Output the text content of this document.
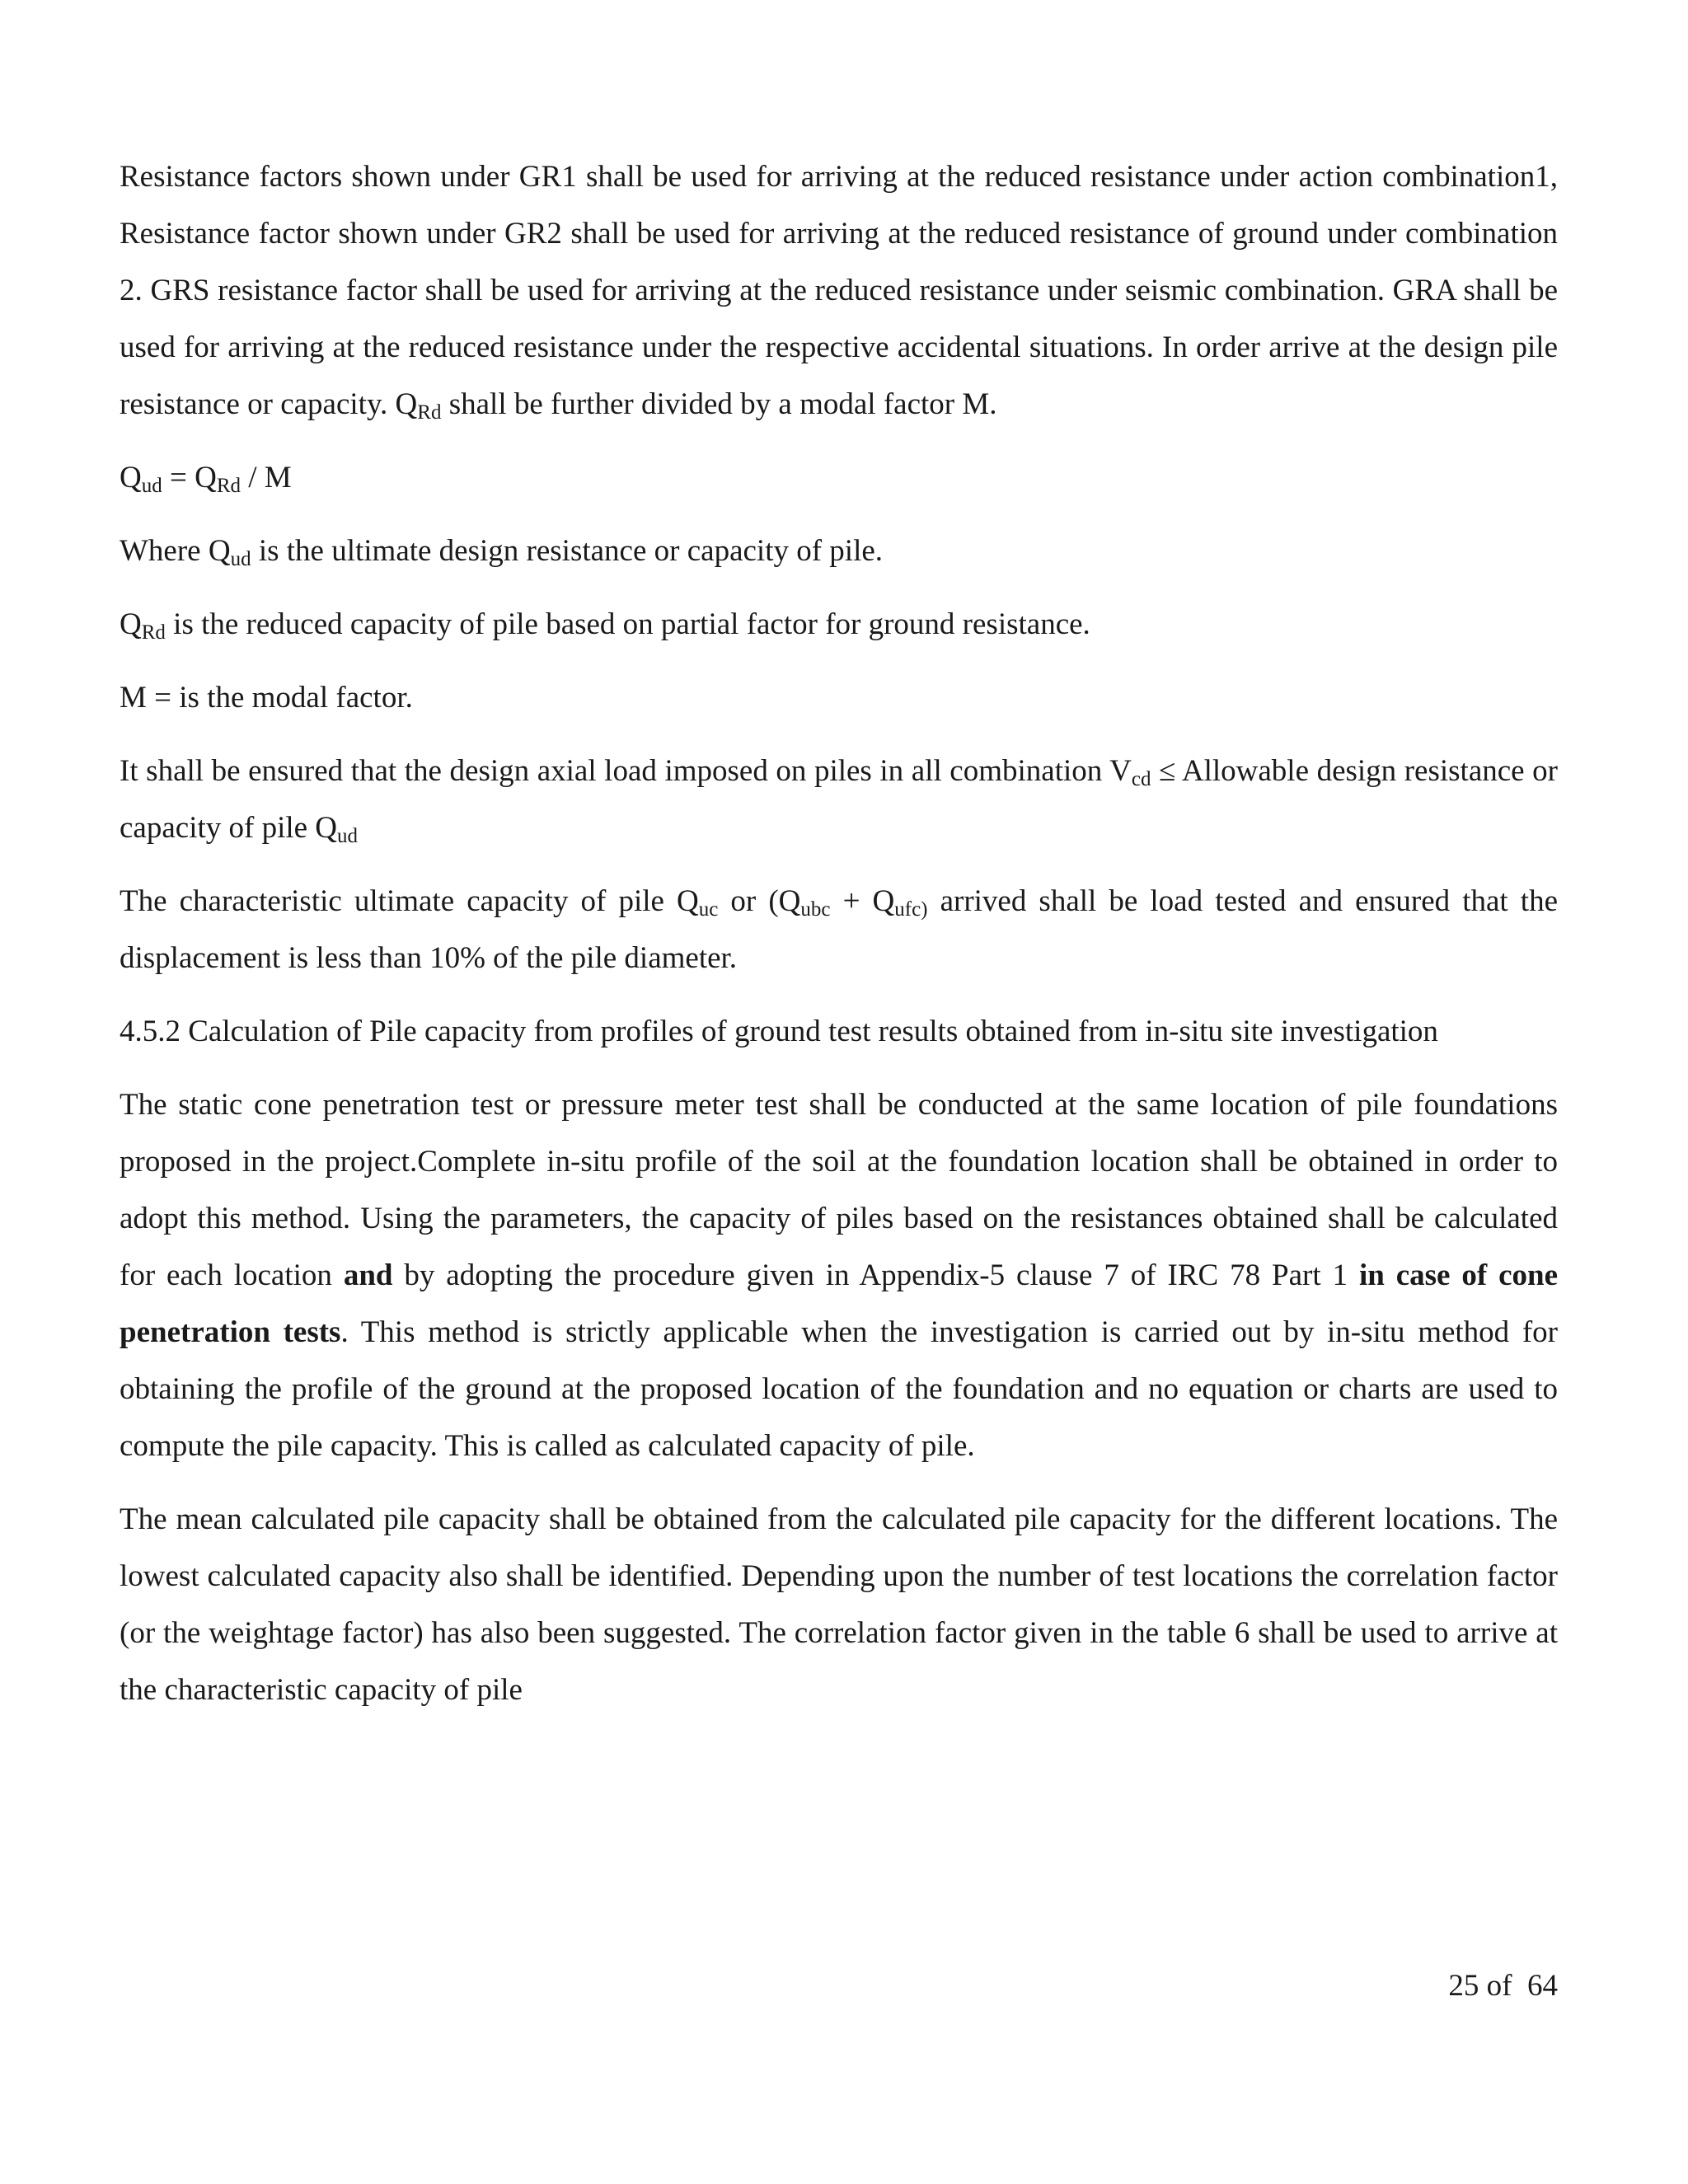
Resistance factors shown under GR1 shall be used for arriving at the reduced resistance under action combination1, Resistance factor shown under GR2 shall be used for arriving at the reduced resistance of ground under combination 2. GRS resistance factor shall be used for arriving at the reduced resistance under seismic combination. GRA shall be used for arriving at the reduced resistance under the respective accidental situations. In order arrive at the design pile resistance or capacity. $Q_{Rd}$ shall be further divided by a modal factor M.

$Q_{ud} = Q_{Rd} / M$

Where $Q_{ud}$ is the ultimate design resistance or capacity of pile.

$Q_{Rd}$ is the reduced capacity of pile based on partial factor for ground resistance.

M = is the modal factor.

It shall be ensured that the design axial load imposed on piles in all combination $V_{cd}$ ≤ Allowable design resistance or capacity of pile $Q_{ud}$

The characteristic ultimate capacity of pile $Q_{uc}$ or ($Q_{ubc} + Q_{ufc)}$ arrived shall be load tested and ensured that the displacement is less than 10% of the pile diameter.

4.5.2 Calculation of Pile capacity from profiles of ground test results obtained from in-situ site investigation

The static cone penetration test or pressure meter test shall be conducted at the same location of pile foundations proposed in the project.Complete in-situ profile of the soil at the foundation location shall be obtained in order to adopt this method. Using the parameters, the capacity of piles based on the resistances obtained shall be calculated for each location and by adopting the procedure given in Appendix-5 clause 7 of IRC 78 Part 1 in case of cone penetration tests. This method is strictly applicable when the investigation is carried out by in-situ method for obtaining the profile of the ground at the proposed location of the foundation and no equation or charts are used to compute the pile capacity. This is called as calculated capacity of pile.

The mean calculated pile capacity shall be obtained from the calculated pile capacity for the different locations. The lowest calculated capacity also shall be identified. Depending upon the number of test locations the correlation factor (or the weightage factor) has also been suggested. The correlation factor given in the table 6 shall be used to arrive at the characteristic capacity of pile

25 of  64
